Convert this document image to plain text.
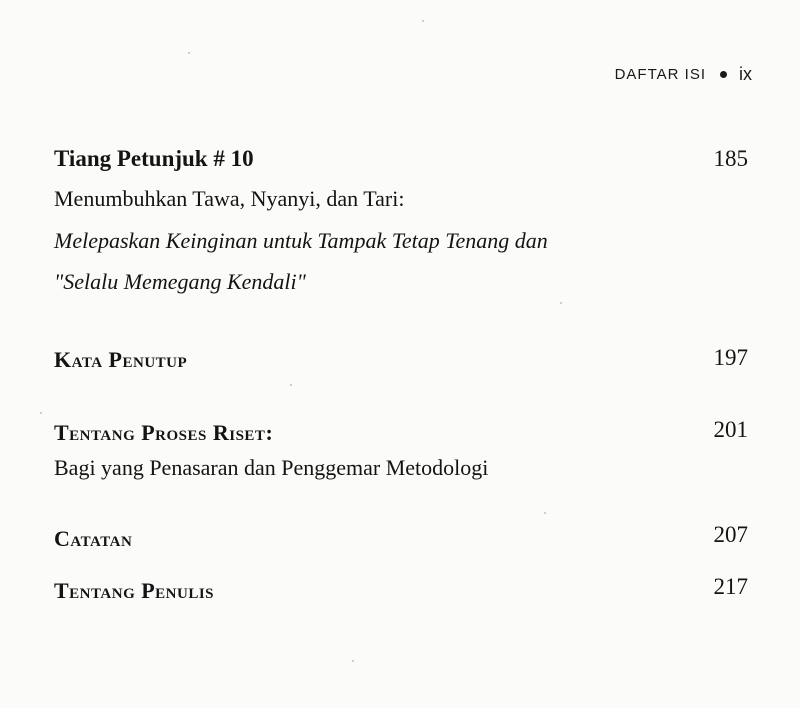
DAFTAR ISI ix
Tiang Petunjuk # 10	185
Menumbuhkan Tawa, Nyanyi, dan Tari:
Melepaskan Keinginan untuk Tampak Tetap Tenang dan
"Selalu Memegang Kendali"
Kata Penutup	197
Tentang Proses Riset:	201
Bagi yang Penasaran dan Penggemar Metodologi
Catatan	207
Tentang Penulis	217
